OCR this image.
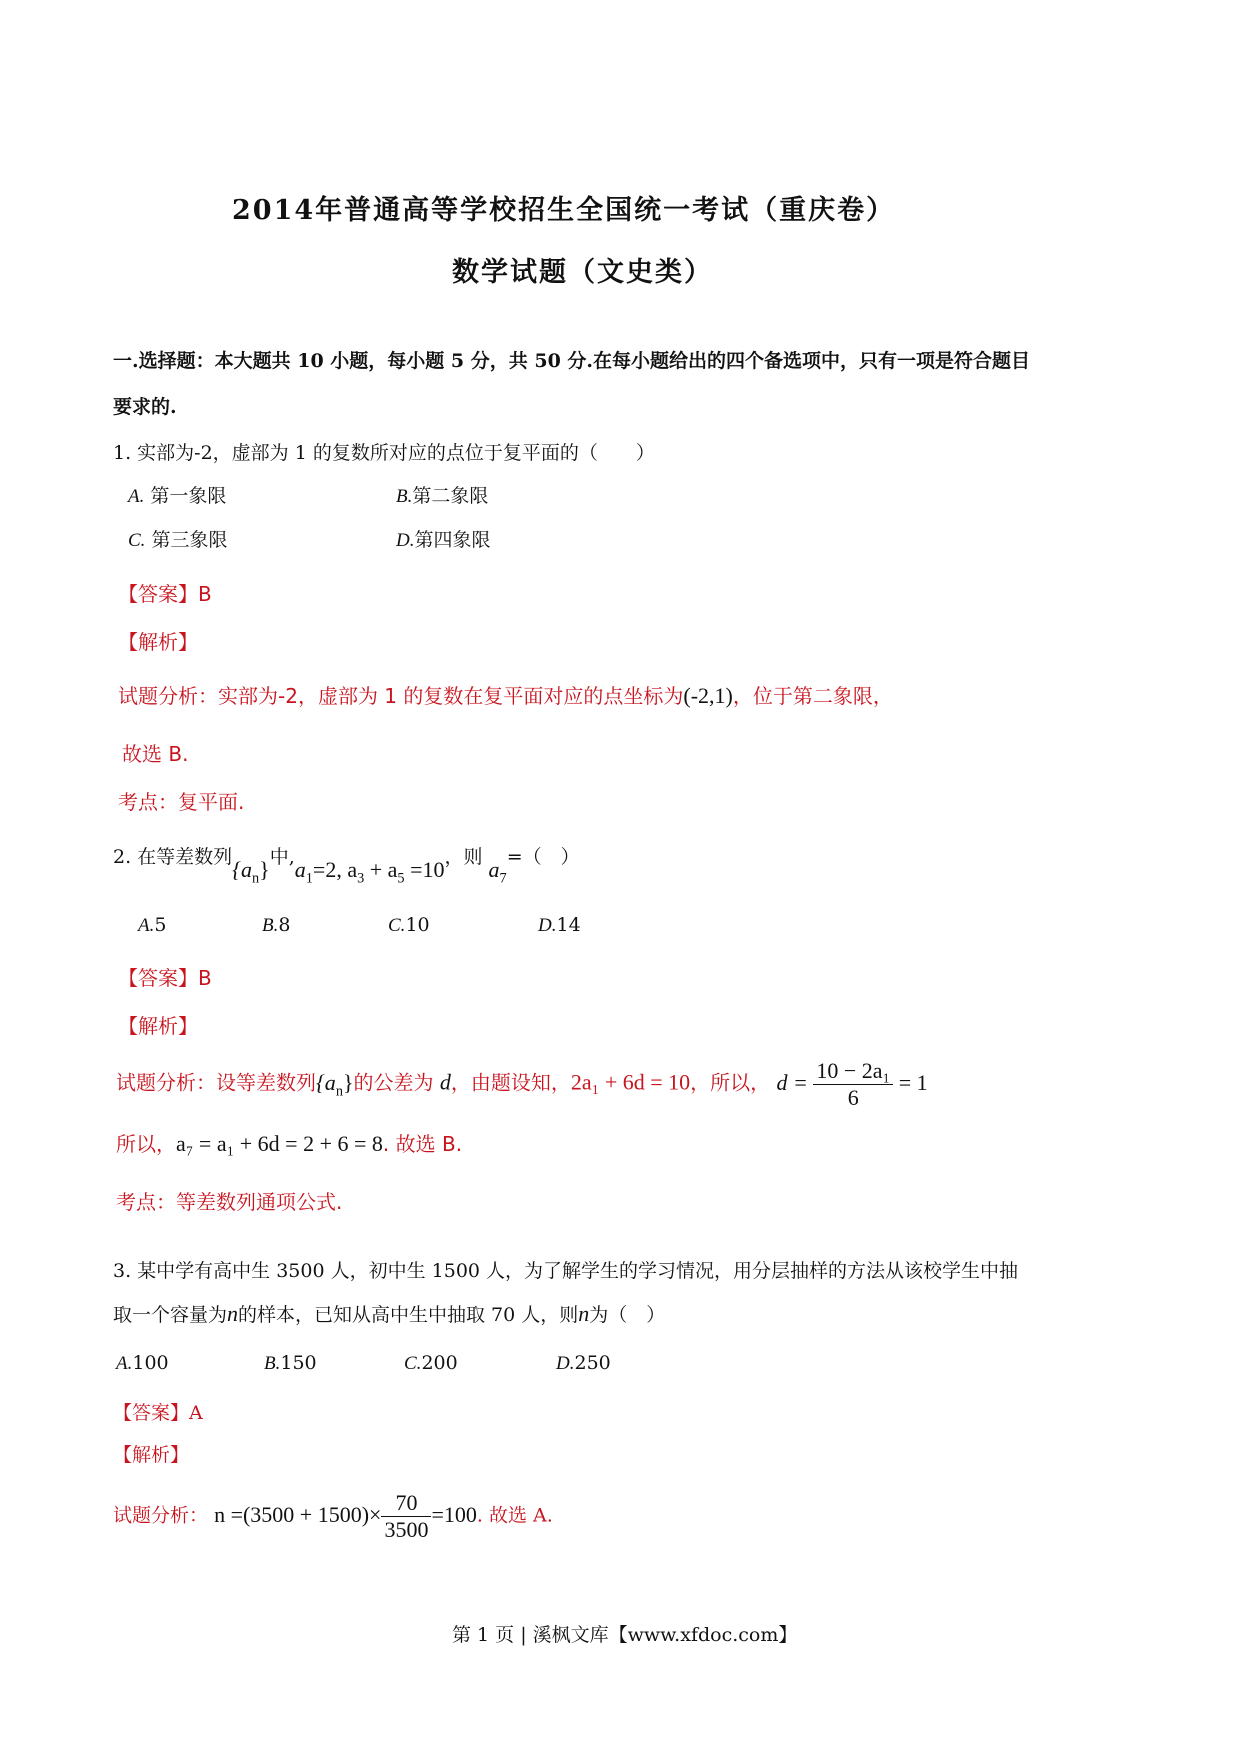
2014年普通高等学校招生全国统一考试（重庆卷）
数学试题（文史类）
一.选择题：本大题共 10 小题，每小题 5 分，共 50 分.在每小题给出的四个备选项中，只有一项是符合题目
要求的.
1. 实部为-2，虚部为 1 的复数所对应的点位于复平面的（　　）
A. 第一象限	B.第二象限
C. 第三象限	D.第四象限
【答案】B
【解析】
试题分析：实部为-2，虚部为 1 的复数在复平面对应的点坐标为(-2,1)，位于第二象限，
故选 B.
考点：复平面.
2. 在等差数列$\{a_n\}$中$,a_1=2$, $a_3 + a_5 =10$，则 $a_7=$（　）
A.5	B.8	C.10	D.14
【答案】B
【解析】
试题分析：设等差数列$\{a_n\}$的公差为 d，由题设知，2a₁ + 6d = 10，所以， $d = \frac{\text{10 − 2a₁}}{6} = 1$
所以，a₇ = a₁ + 6d = 2 + 6 = 8. 故选 B.
考点：等差数列通项公式.
3. 某中学有高中生 3500 人，初中生 1500 人，为了解学生的学习情况，用分层抽样的方法从该校学生中抽
取一个容量为n的样本，已知从高中生中抽取 70 人，则n为（　）
A.100	B.150	C.200	D.250
【答案】A
【解析】
试题分析： $n =(3500 + 1500)\times \frac{70}{3500} =100$. 故选 A.
第 1 页 | 溪枫文库【www.xfdoc.com】
